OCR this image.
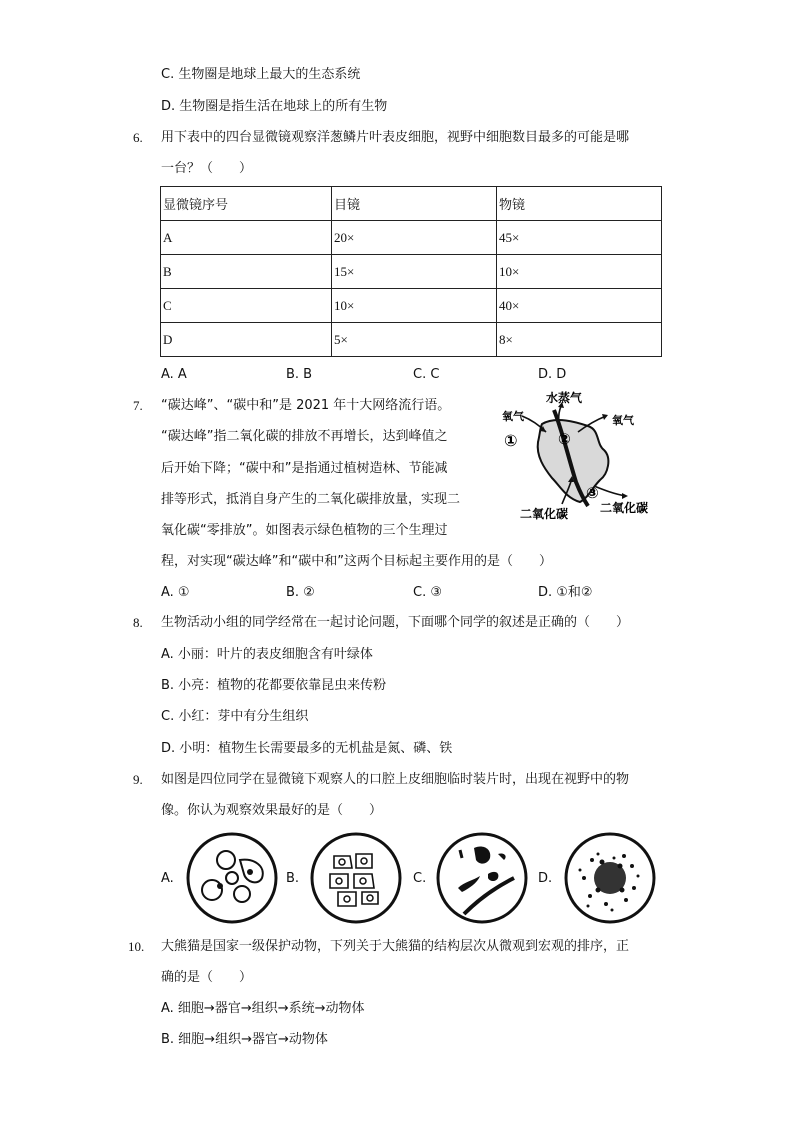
C. 生物圈是地球上最大的生态系统
D. 生物圈是指生活在地球上的所有生物
6. 用下表中的四台显微镜观察洋葱鳞片叶表皮细胞，视野中细胞数目最多的可能是哪
一台？（　　）
显微镜序号	目镜	物镜
A	20×	45×
B	15×	10×
C	10×	40×
D	5×	8×
A. A	B. B	C. C	D. D
7. “碳达峰”、“碳中和”是 2021 年十大网络流行语。
“碳达峰”指二氧化碳的排放不再增长，达到峰值之
后开始下降；“碳中和”是指通过植树造林、节能减
排等形式，抵消自身产生的二氧化碳排放量，实现二
氧化碳“零排放”。如图表示绿色植物的三个生理过
程，对实现“碳达峰”和“碳中和”这两个目标起主要作用的是（　　）
水蒸气
氧气	氧气
①	②
③
二氧化碳	二氧化碳
A. ①	B. ②	C. ③	D. ①和②
8. 生物活动小组的同学经常在一起讨论问题，下面哪个同学的叙述是正确的（　　）
A. 小丽：叶片的表皮细胞含有叶绿体
B. 小亮：植物的花都要依靠昆虫来传粉
C. 小红：芽中有分生组织
D. 小明：植物生长需要最多的无机盐是氮、磷、铁
9. 如图是四位同学在显微镜下观察人的口腔上皮细胞临时装片时，出现在视野中的物
像。你认为观察效果最好的是（　　）
A.	B.	C.	D.
10. 大熊猫是国家一级保护动物，下列关于大熊猫的结构层次从微观到宏观的排序，正
确的是（　　）
A. 细胞→器官→组织→系统→动物体
B. 细胞→组织→器官→动物体
